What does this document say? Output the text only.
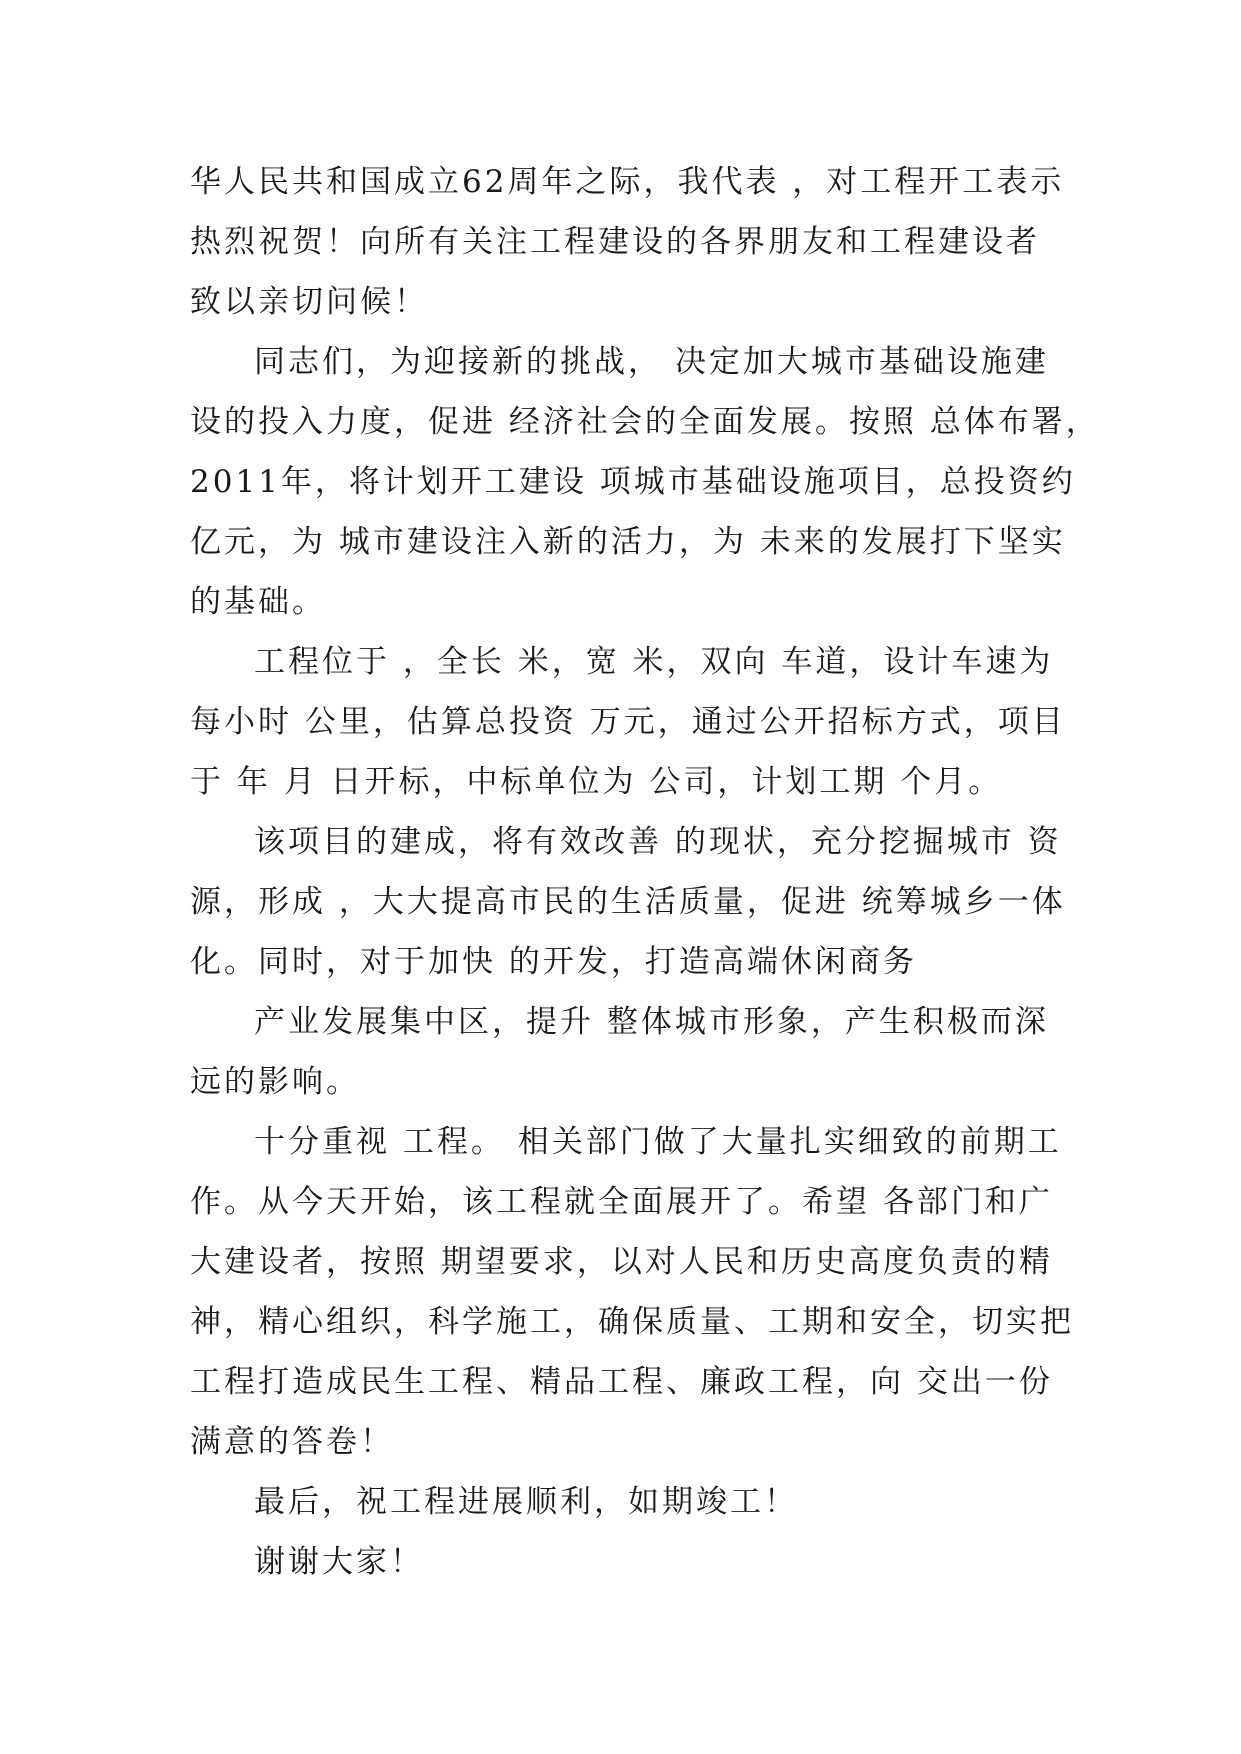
华人民共和国成立62周年之际，我代表 ，对工程开工表示
热烈祝贺！向所有关注工程建设的各界朋友和工程建设者
致以亲切问候！
同志们，为迎接新的挑战， 决定加大城市基础设施建
设的投入力度，促进 经济社会的全面发展。按照 总体布署，
2011年，将计划开工建设 项城市基础设施项目，总投资约
亿元，为 城市建设注入新的活力，为 未来的发展打下坚实
的基础。
工程位于 ，全长 米，宽 米，双向 车道，设计车速为
每小时 公里，估算总投资 万元，通过公开招标方式，项目
于 年 月 日开标，中标单位为 公司，计划工期 个月。
该项目的建成，将有效改善 的现状，充分挖掘城市 资
源，形成 ，大大提高市民的生活质量，促进 统筹城乡一体
化。同时，对于加快 的开发，打造高端休闲商务
产业发展集中区，提升 整体城市形象，产生积极而深
远的影响。
十分重视 工程。 相关部门做了大量扎实细致的前期工
作。从今天开始，该工程就全面展开了。希望 各部门和广
大建设者，按照 期望要求，以对人民和历史高度负责的精
神，精心组织，科学施工，确保质量、工期和安全，切实把
工程打造成民生工程、精品工程、廉政工程，向 交出一份
满意的答卷！
最后，祝工程进展顺利，如期竣工！
谢谢大家！
